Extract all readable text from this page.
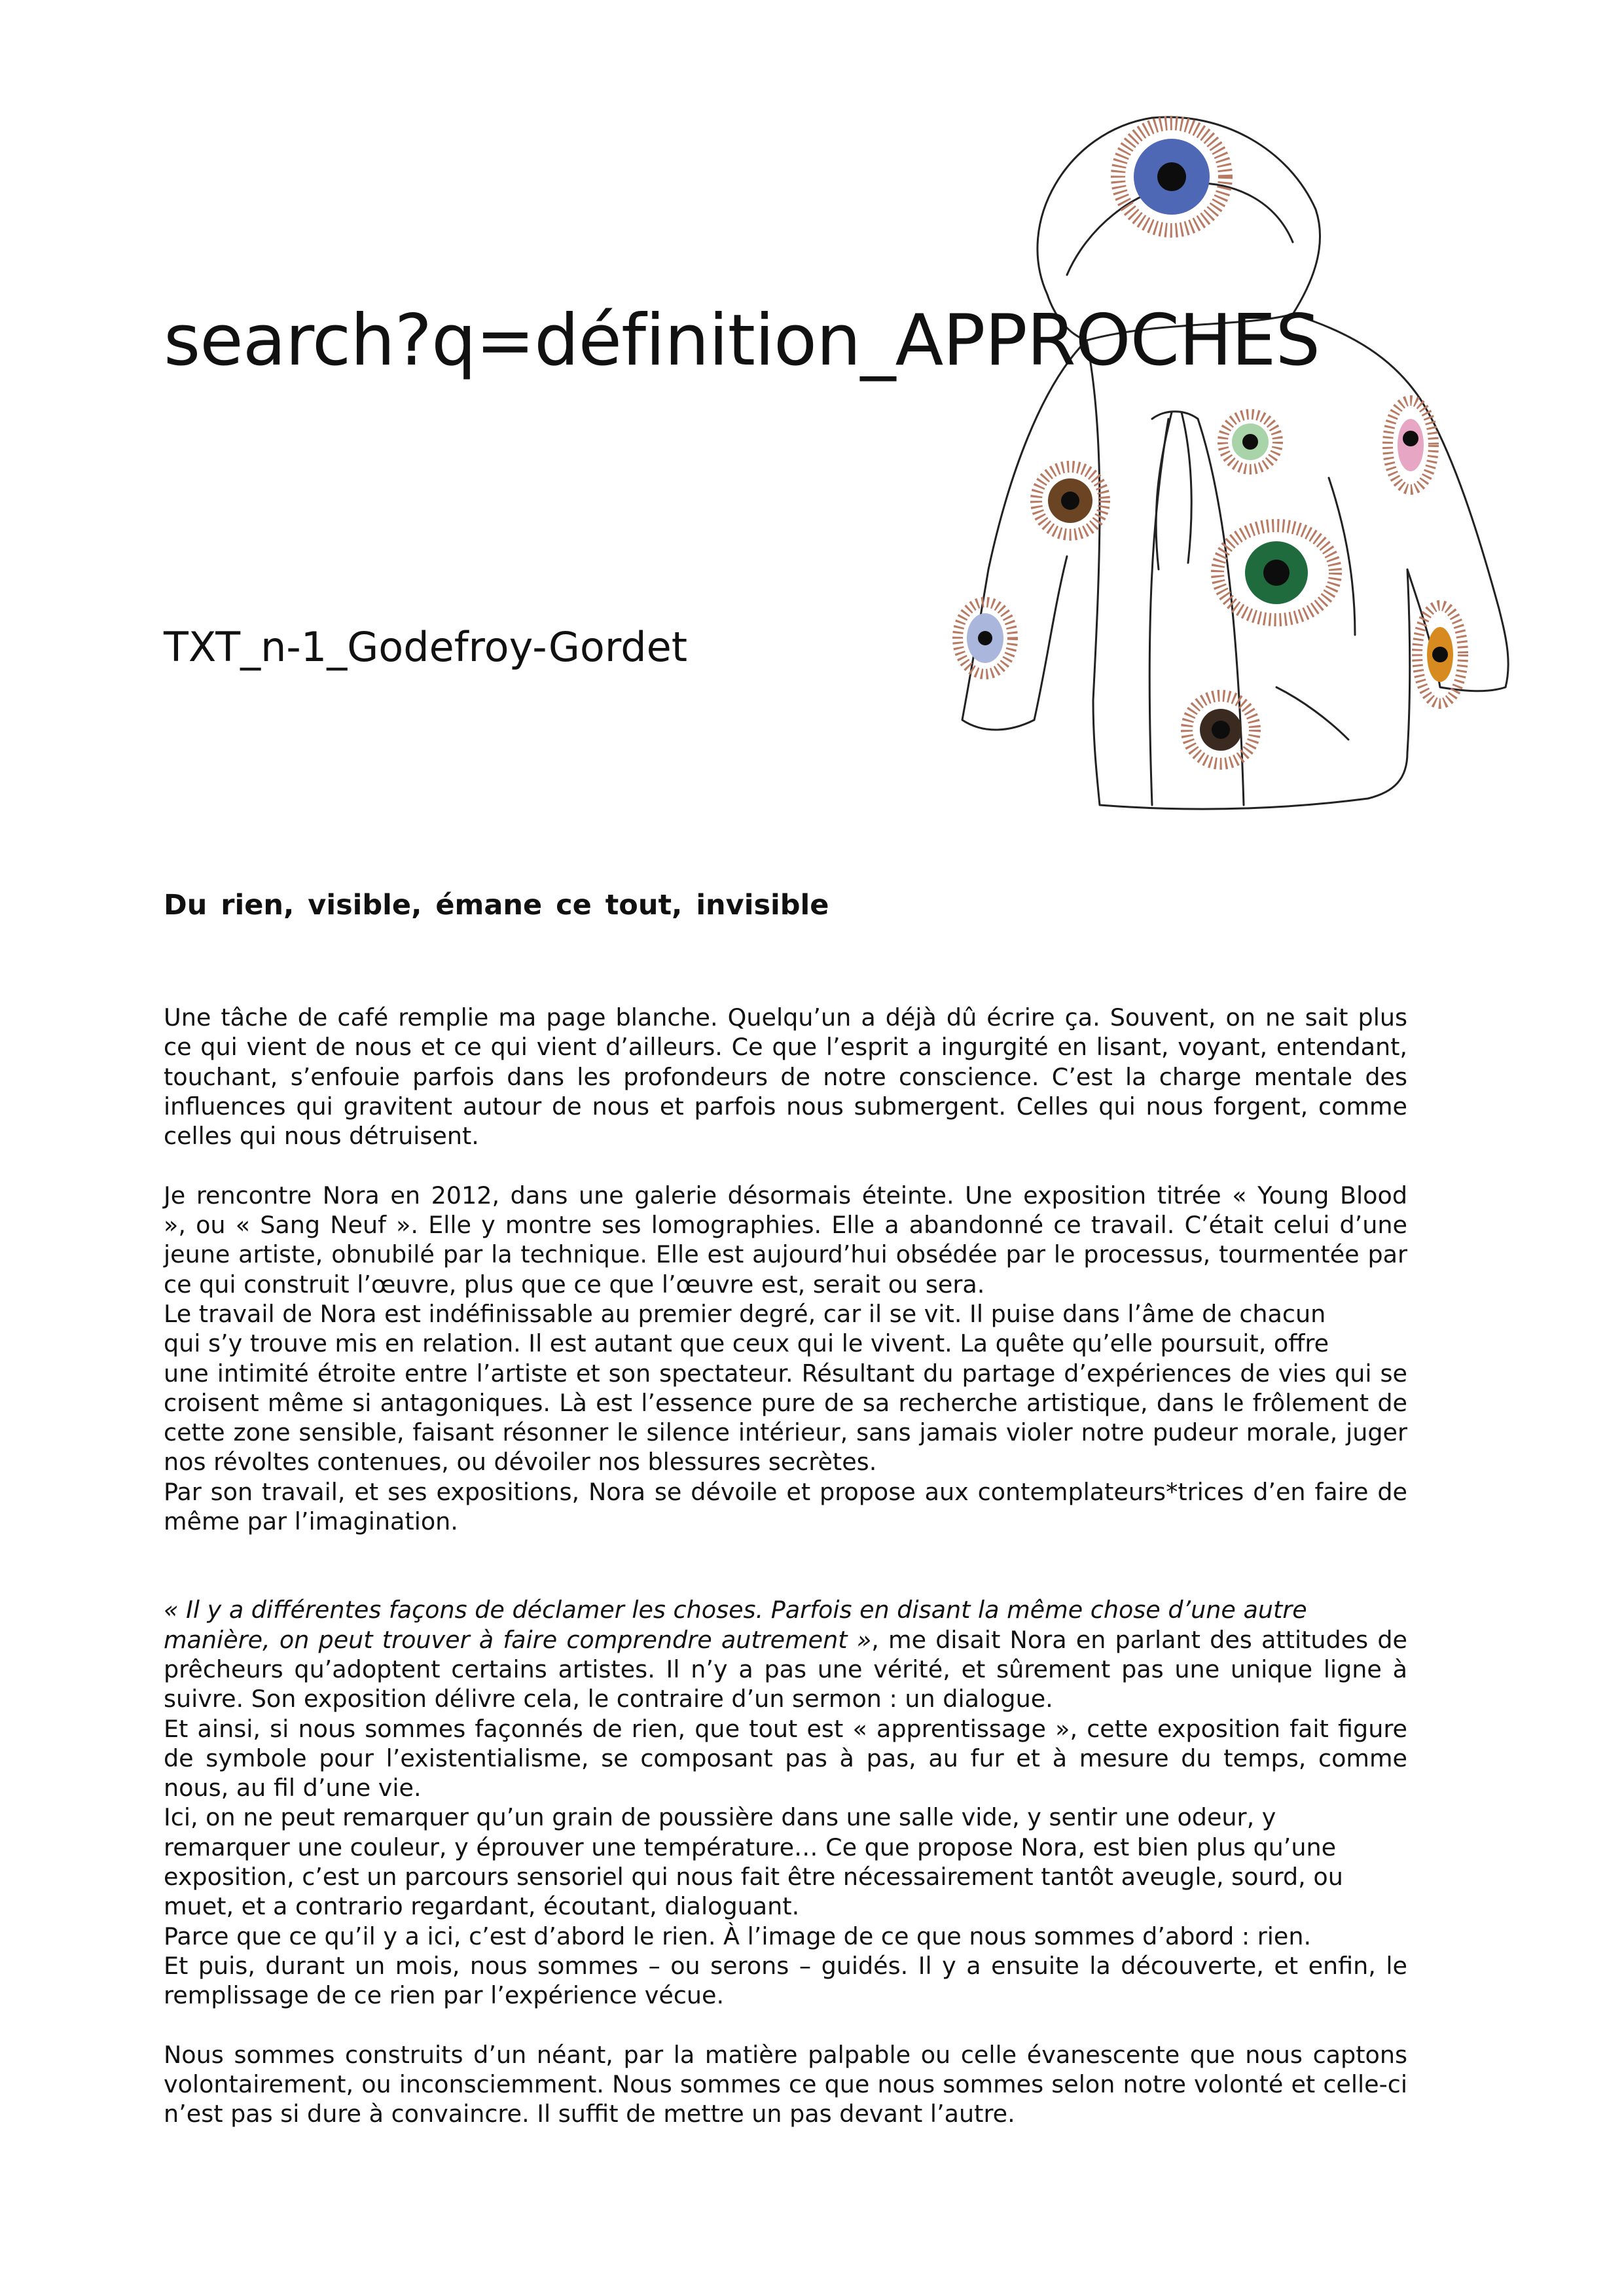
search?q=définition_APPROCHES
TXT_n-1_Godefroy-Gordet
Du rien, visible, émane ce tout, invisible
Une tâche de café remplie ma page blanche. Quelqu’un a déjà dû écrire ça. Souvent, on ne sait plus
ce qui vient de nous et ce qui vient d’ailleurs. Ce que l’esprit a ingurgité en lisant, voyant, entendant,
touchant, s’enfouie parfois dans les profondeurs de notre conscience. C’est la charge mentale des
influences qui gravitent autour de nous et parfois nous submergent. Celles qui nous forgent, comme
celles qui nous détruisent.
Je rencontre Nora en 2012, dans une galerie désormais éteinte. Une exposition titrée « Young Blood
», ou « Sang Neuf ». Elle y montre ses lomographies. Elle a abandonné ce travail. C’était celui d’une
jeune artiste, obnubilé par la technique. Elle est aujourd’hui obsédée par le processus, tourmentée par
ce qui construit l’œuvre, plus que ce que l’œuvre est, serait ou sera.
Le travail de Nora est indéfinissable au premier degré, car il se vit. Il puise dans l’âme de chacun
qui s’y trouve mis en relation. Il est autant que ceux qui le vivent. La quête qu’elle poursuit, offre
une intimité étroite entre l’artiste et son spectateur. Résultant du partage d’expériences de vies qui se
croisent même si antagoniques. Là est l’essence pure de sa recherche artistique, dans le frôlement de
cette zone sensible, faisant résonner le silence intérieur, sans jamais violer notre pudeur morale, juger
nos révoltes contenues, ou dévoiler nos blessures secrètes.
Par son travail, et ses expositions, Nora se dévoile et propose aux contemplateurs*trices d’en faire de
même par l’imagination.
« Il y a différentes façons de déclamer les choses. Parfois en disant la même chose d’une autre
manière, on peut trouver à faire comprendre autrement », me disait Nora en parlant des attitudes de
prêcheurs qu’adoptent certains artistes. Il n’y a pas une vérité, et sûrement pas une unique ligne à
suivre. Son exposition délivre cela, le contraire d’un sermon : un dialogue.
Et ainsi, si nous sommes façonnés de rien, que tout est « apprentissage », cette exposition fait figure
de symbole pour l’existentialisme, se composant pas à pas, au fur et à mesure du temps, comme
nous, au fil d’une vie.
Ici, on ne peut remarquer qu’un grain de poussière dans une salle vide, y sentir une odeur, y
remarquer une couleur, y éprouver une température… Ce que propose Nora, est bien plus qu’une
exposition, c’est un parcours sensoriel qui nous fait être nécessairement tantôt aveugle, sourd, ou
muet, et a contrario regardant, écoutant, dialoguant.
Parce que ce qu’il y a ici, c’est d’abord le rien. À l’image de ce que nous sommes d’abord : rien.
Et puis, durant un mois, nous sommes – ou serons – guidés. Il y a ensuite la découverte, et enfin, le
remplissage de ce rien par l’expérience vécue.
Nous sommes construits d’un néant, par la matière palpable ou celle évanescente que nous captons
volontairement, ou inconsciemment. Nous sommes ce que nous sommes selon notre volonté et celle-ci
n’est pas si dure à convaincre. Il suffit de mettre un pas devant l’autre.
